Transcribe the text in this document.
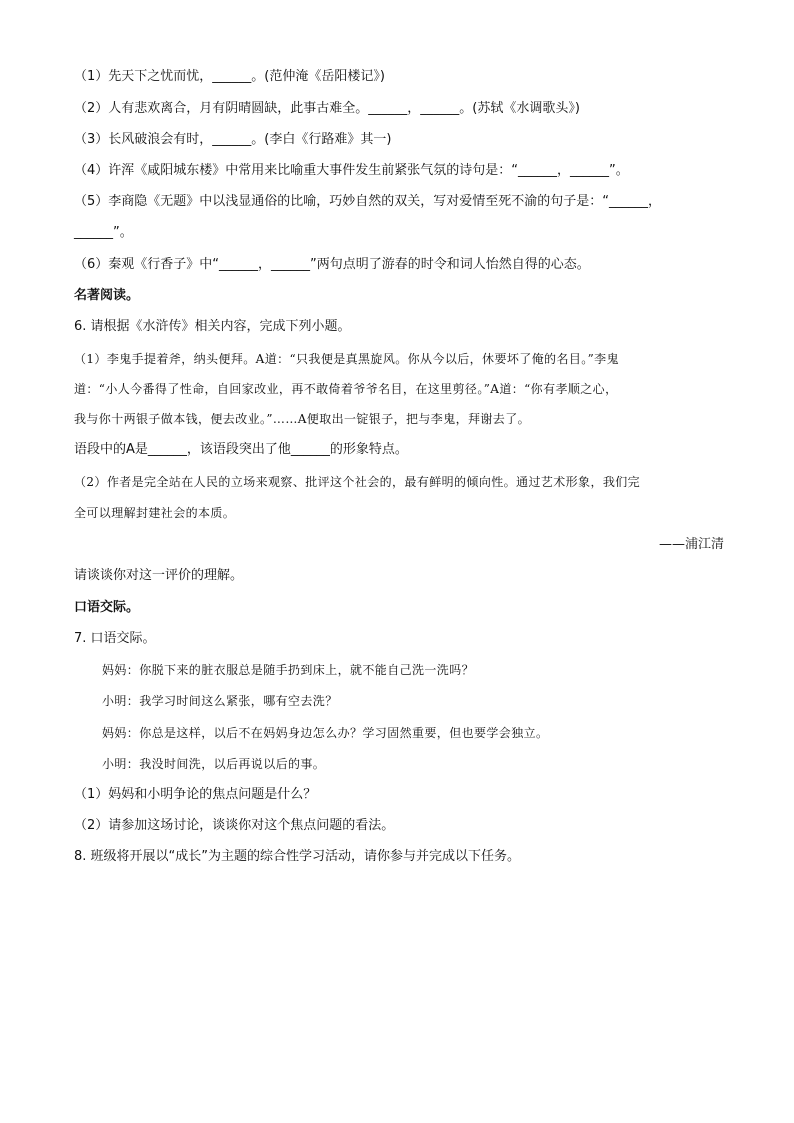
（1）先天下之忧而忧，______。(范仲淹《岳阳楼记》)
（2）人有悲欢离合，月有阴晴圆缺，此事古难全。______，______。(苏轼《水调歌头》)
（3）长风破浪会有时，______。(李白《行路难》其一)
（4）许浑《咸阳城东楼》中常用来比喻重大事件发生前紧张气氛的诗句是：“______，______”。
（5）李商隐《无题》中以浅显通俗的比喻，巧妙自然的双关，写对爱情至死不渝的句子是：“______，
______”。
（6）秦观《行香子》中“______，______”两句点明了游春的时令和词人怡然自得的心态。
名著阅读。
6. 请根据《水浒传》相关内容，完成下列小题。
（1）李鬼手提着斧，纳头便拜。A道：“只我便是真黑旋风。你从今以后，休要坏了俺的名目。”李鬼
道：“小人今番得了性命，自回家改业，再不敢倚着爷爷名目，在这里剪径。”A道：“你有孝顺之心，
我与你十两银子做本钱，便去改业。”……A便取出一锭银子，把与李鬼，拜谢去了。
语段中的A是______，该语段突出了他______的形象特点。
（2）作者是完全站在人民的立场来观察、批评这个社会的，最有鲜明的倾向性。通过艺术形象，我们完
全可以理解封建社会的本质。
——浦江清
请谈谈你对这一评价的理解。
口语交际。
7. 口语交际。
妈妈：你脱下来的脏衣服总是随手扔到床上，就不能自己洗一洗吗？
小明：我学习时间这么紧张，哪有空去洗？
妈妈：你总是这样，以后不在妈妈身边怎么办？学习固然重要，但也要学会独立。
小明：我没时间洗，以后再说以后的事。
（1）妈妈和小明争论的焦点问题是什么？
（2）请参加这场讨论，谈谈你对这个焦点问题的看法。
8. 班级将开展以“成长”为主题的综合性学习活动，请你参与并完成以下任务。
